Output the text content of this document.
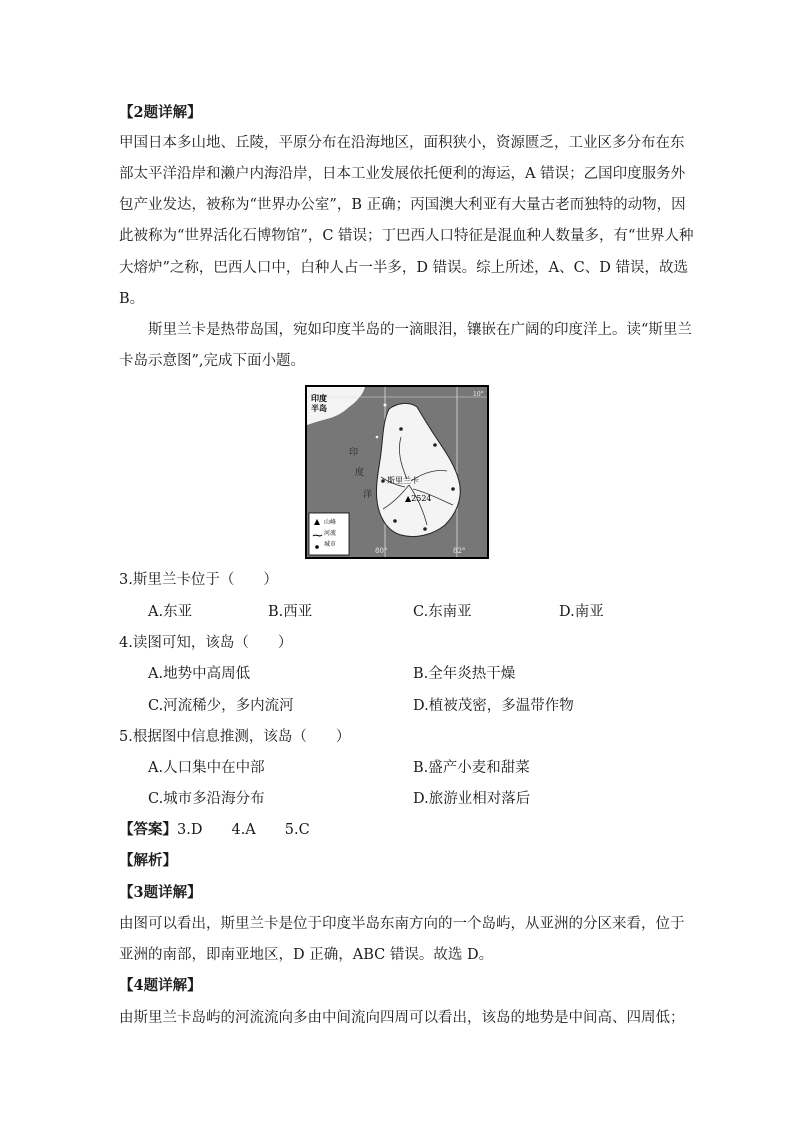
【2题详解】
甲国日本多山地、丘陵，平原分布在沿海地区，面积狭小，资源匮乏，工业区多分布在东
部太平洋沿岸和濑户内海沿岸，日本工业发展依托便利的海运，A 错误；乙国印度服务外
包产业发达，被称为“世界办公室”，B 正确；丙国澳大利亚有大量古老而独特的动物，因
此被称为“世界活化石博物馆”，C 错误；丁巴西人口特征是混血种人数量多，有“世界人种
大熔炉”之称，巴西人口中，白种人占一半多，D 错误。综上所述，A、C、D 错误，故选
B。
斯里兰卡是热带岛国，宛如印度半岛的一滴眼泪，镶嵌在广阔的印度洋上。读“斯里兰
卡岛示意图”,完成下面小题。
印度
半岛
印
度
洋
斯里兰卡
▲2524
山峰
河流
城市
80°	82°
10°
3.斯里兰卡位于（　　）
A.东亚	B.西亚	C.东南亚	D.南亚
4.读图可知，该岛（　　）
A.地势中高周低	B.全年炎热干燥
C.河流稀少，多内流河	D.植被茂密，多温带作物
5.根据图中信息推测，该岛（　　）
A.人口集中在中部	B.盛产小麦和甜菜
C.城市多沿海分布	D.旅游业相对落后
【答案】3.D　　4.A　　5.C
【解析】
【3题详解】
由图可以看出，斯里兰卡是位于印度半岛东南方向的一个岛屿，从亚洲的分区来看，位于
亚洲的南部，即南亚地区，D 正确，ABC 错误。故选 D。
【4题详解】
由斯里兰卡岛屿的河流流向多由中间流向四周可以看出，该岛的地势是中间高、四周低；
